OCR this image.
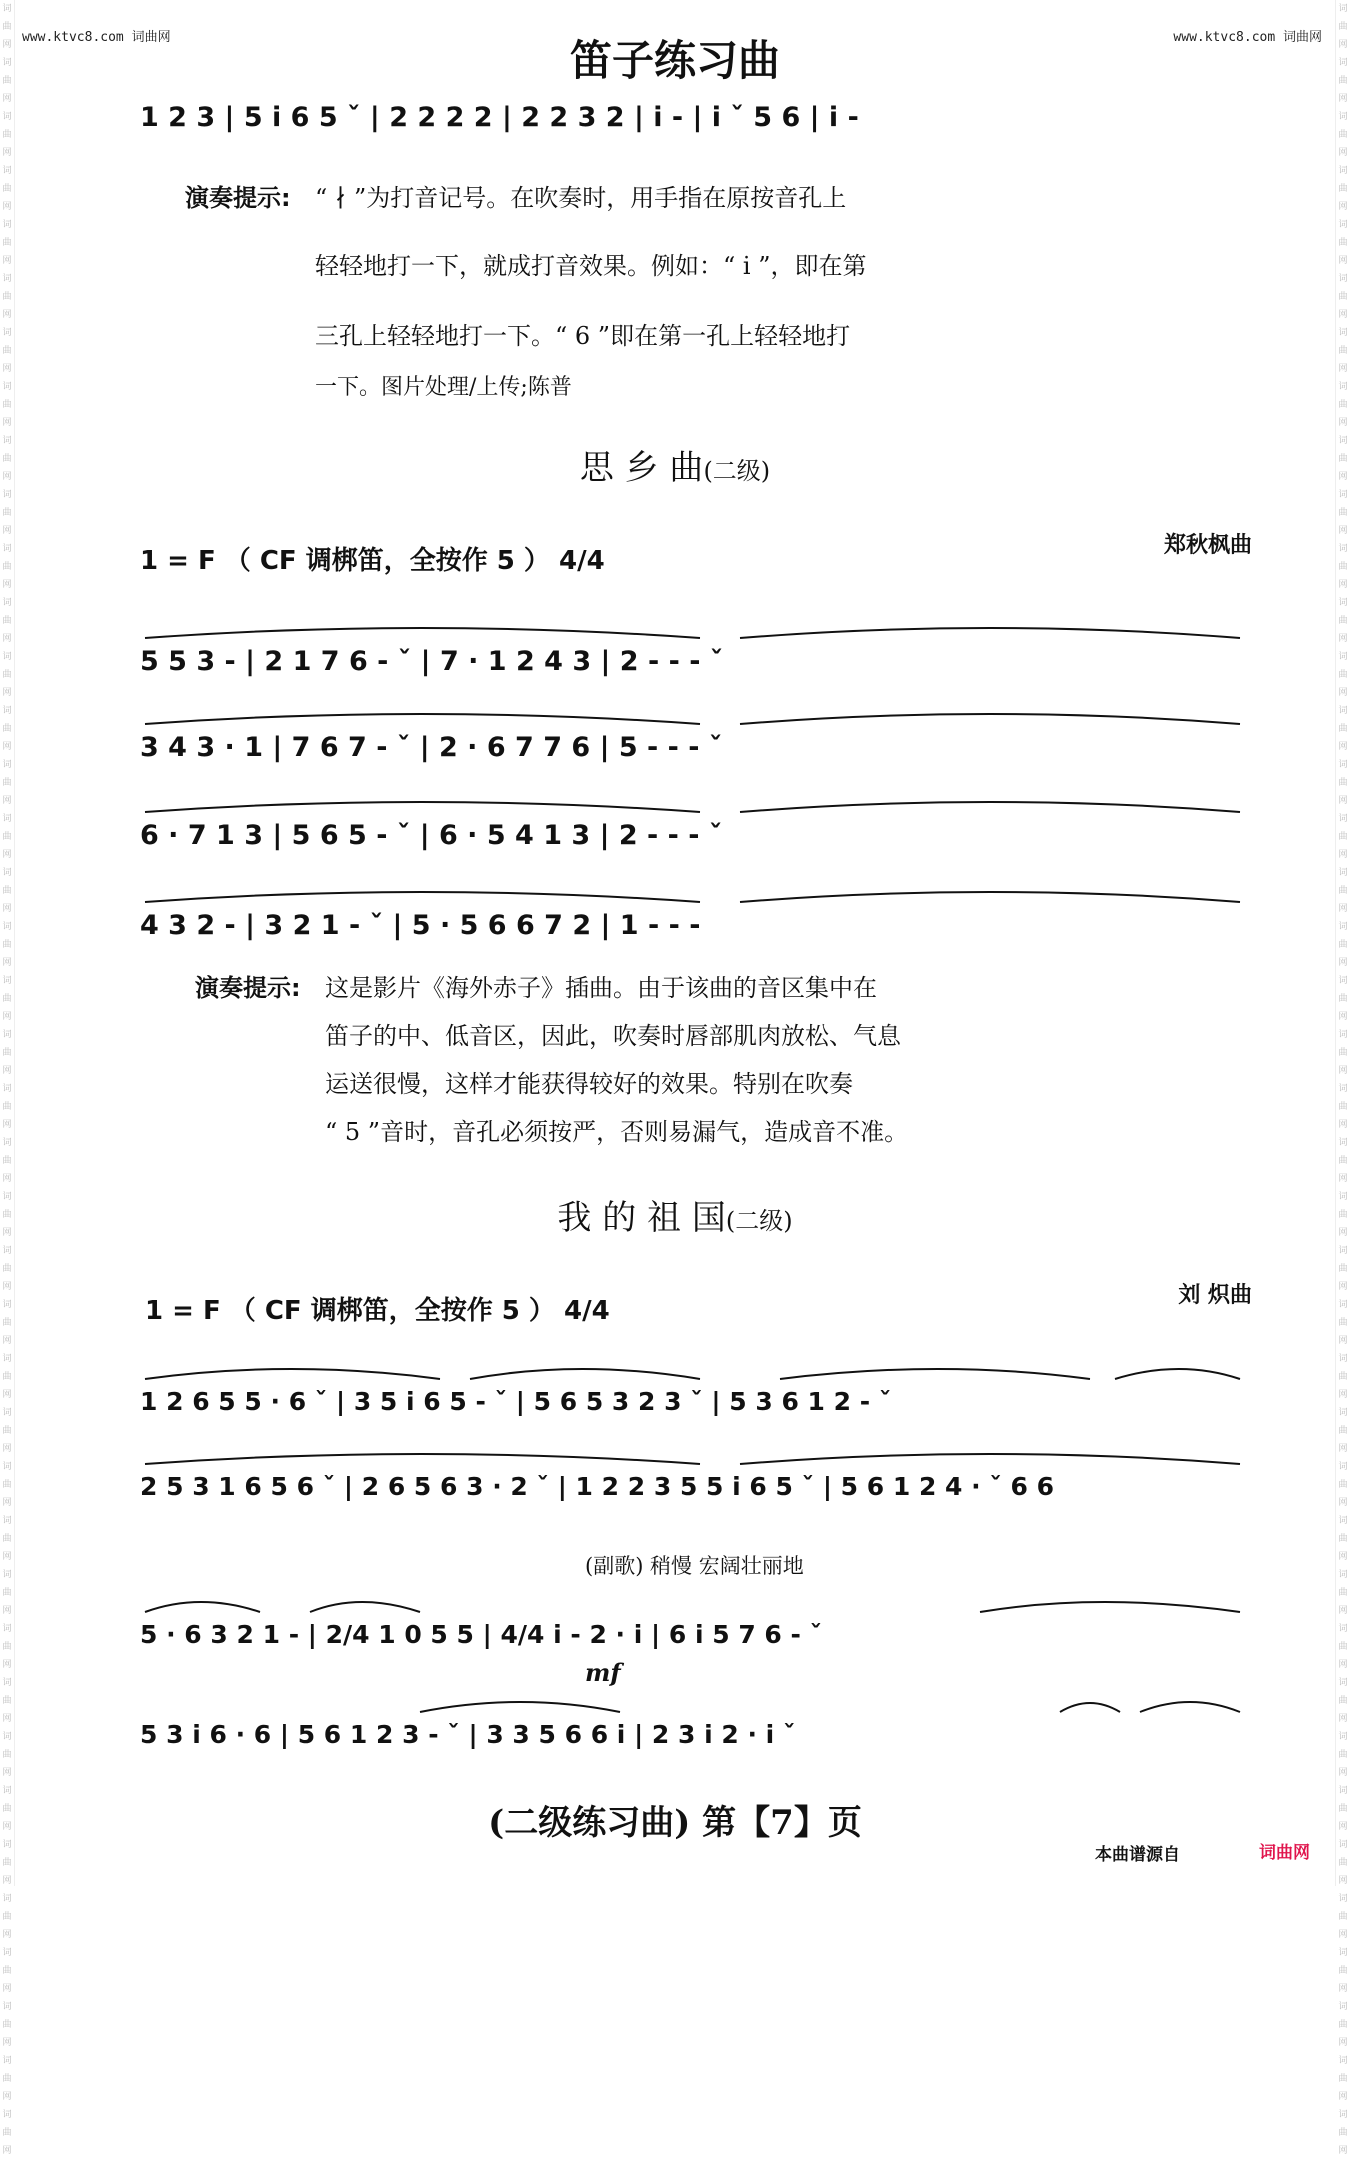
词曲网 词曲网 词曲网 词曲网 词曲网 词曲网 词曲网 词曲网 词曲网 词曲网 词曲网 词曲网 词曲网 词曲网 词曲网 词曲网 词曲网 词曲网 词曲网 词曲网 词曲网 词曲网 词曲网 词曲网 词曲网 词曲网 词曲网 词曲网 词曲网 词曲网 词曲网 词曲网 词曲网 词曲网 词曲网 词曲网 词曲网 词曲网 词曲网 词曲网
词曲网 词曲网 词曲网 词曲网 词曲网 词曲网 词曲网 词曲网 词曲网 词曲网 词曲网 词曲网 词曲网 词曲网 词曲网 词曲网 词曲网 词曲网 词曲网 词曲网 词曲网 词曲网 词曲网 词曲网 词曲网 词曲网 词曲网 词曲网 词曲网 词曲网 词曲网 词曲网 词曲网 词曲网 词曲网 词曲网 词曲网 词曲网 词曲网 词曲网
www.ktvc8.com 词曲网	www.ktvc8.com 词曲网
笛子练习曲
1 2 3 | 5 i 6 5 ˇ | 2 2 2 2 | 2 2 3 2 | i - | i ˇ 5 6 | i -
演奏提示: “ ∤ ”为打音记号。在吹奏时，用手指在原按音孔上
轻轻地打一下，就成打音效果。例如：“ i ”，即在第
三孔上轻轻地打一下。“ 6 ”即在第一孔上轻轻地打
一下。图片处理/上传;陈普
思 乡 曲(二级)
1 = F （ CF 调梆笛，全按作 5 ） 4/4
郑秋枫曲
5 5 3 - | 2 1 7 6 - ˇ | 7 · 1 2 4 3 | 2 - - - ˇ
3 4 3 · 1 | 7 6 7 - ˇ | 2 · 6 7 7 6 | 5 - - - ˇ
6 · 7 1 3 | 5 6 5 - ˇ | 6 · 5 4 1 3 | 2 - - - ˇ
4 3 2 - | 3 2 1 - ˇ | 5 · 5 6 6 7 2 | 1 - - -
演奏提示: 这是影片《海外赤子》插曲。由于该曲的音区集中在
笛子的中、低音区，因此，吹奏时唇部肌肉放松、气息
运送很慢，这样才能获得较好的效果。特别在吹奏
“ 5 ”音时，音孔必须按严，否则易漏气，造成音不准。
我 的 祖 国(二级)
1 = F （ CF 调梆笛，全按作 5 ） 4/4
刘 炽曲
1 2 6 5 5 · 6 ˇ | 3 5 i 6 5 - ˇ | 5 6 5 3 2 3 ˇ | 5 3 6 1 2 - ˇ
2 5 3 1 6 5 6 ˇ | 2 6 5 6 3 · 2 ˇ | 1 2 2 3 5 5 i 6 5 ˇ | 5 6 1 2 4 · ˇ 6 6
(副歌) 稍慢 宏阔壮丽地
5 · 6 3 2 1 - | 2/4 1 0 5 5 | 4/4 i - 2 · i | 6 i 5 7 6 - ˇ
mf
5 3 i 6 · 6 | 5 6 1 2 3 - ˇ | 3 3 5 6 6 i | 2 3 i 2 · i ˇ
(二级练习曲) 第【7】页
本曲谱源自	词曲网
